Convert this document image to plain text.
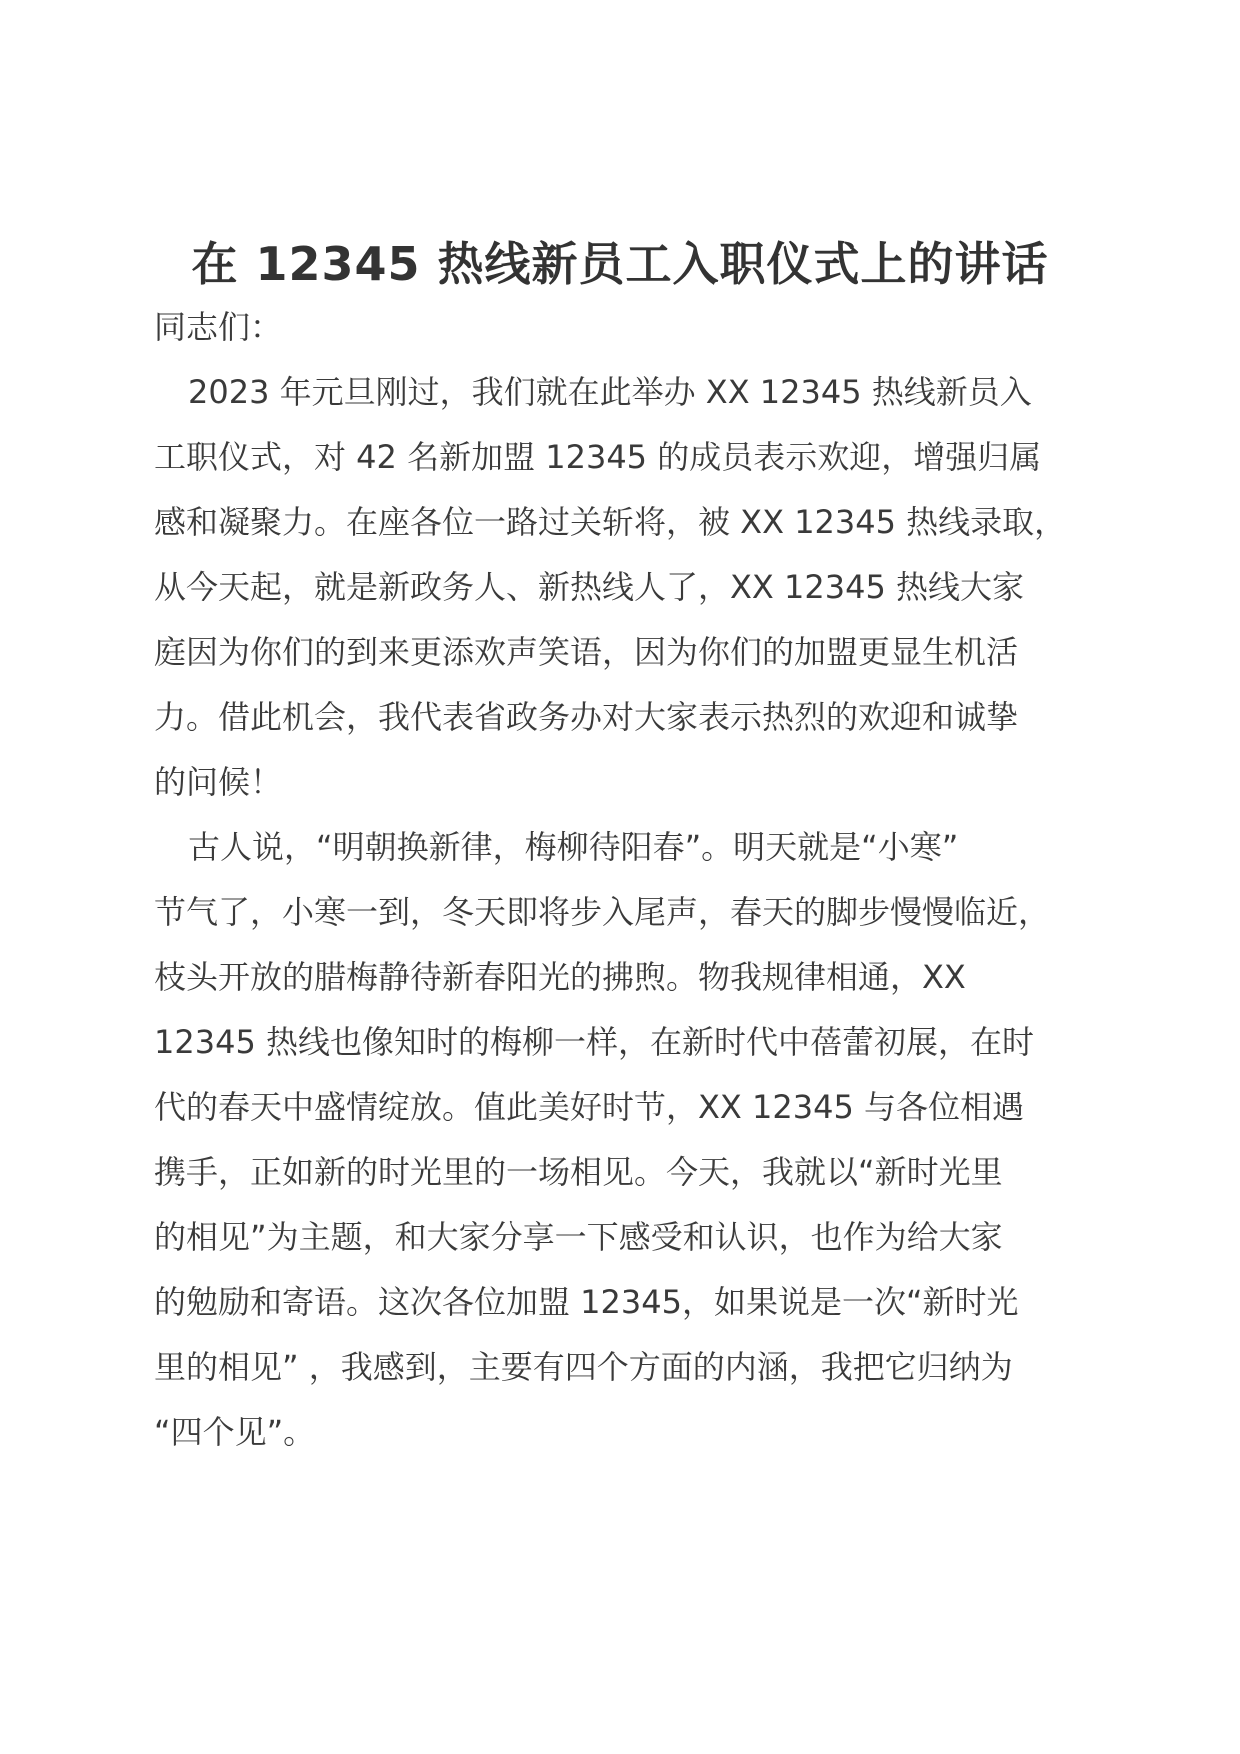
在 12345 热线新员工入职仪式上的讲话

同志们：

2023 年元旦刚过，我们就在此举办 XX 12345 热线新员入

工职仪式，对 42 名新加盟 12345 的成员表示欢迎，增强归属

感和凝聚力。在座各位一路过关斩将，被 XX 12345 热线录取，

从今天起，就是新政务人、新热线人了，XX 12345 热线大家

庭因为你们的到来更添欢声笑语，因为你们的加盟更显生机活

力。借此机会，我代表省政务办对大家表示热烈的欢迎和诚挚

的问候！

古人说，“明朝换新律，梅柳待阳春”。明天就是“小寒”

节气了，小寒一到，冬天即将步入尾声，春天的脚步慢慢临近，

枝头开放的腊梅静待新春阳光的拂煦。物我规律相通，XX

12345 热线也像知时的梅柳一样，在新时代中蓓蕾初展，在时

代的春天中盛情绽放。值此美好时节，XX 12345 与各位相遇

携手，正如新的时光里的一场相见。今天，我就以“新时光里

的相见”为主题，和大家分享一下感受和认识，也作为给大家

的勉励和寄语。这次各位加盟 12345，如果说是一次“新时光

里的相见” ，我感到，主要有四个方面的内涵，我把它归纳为

“四个见”。
